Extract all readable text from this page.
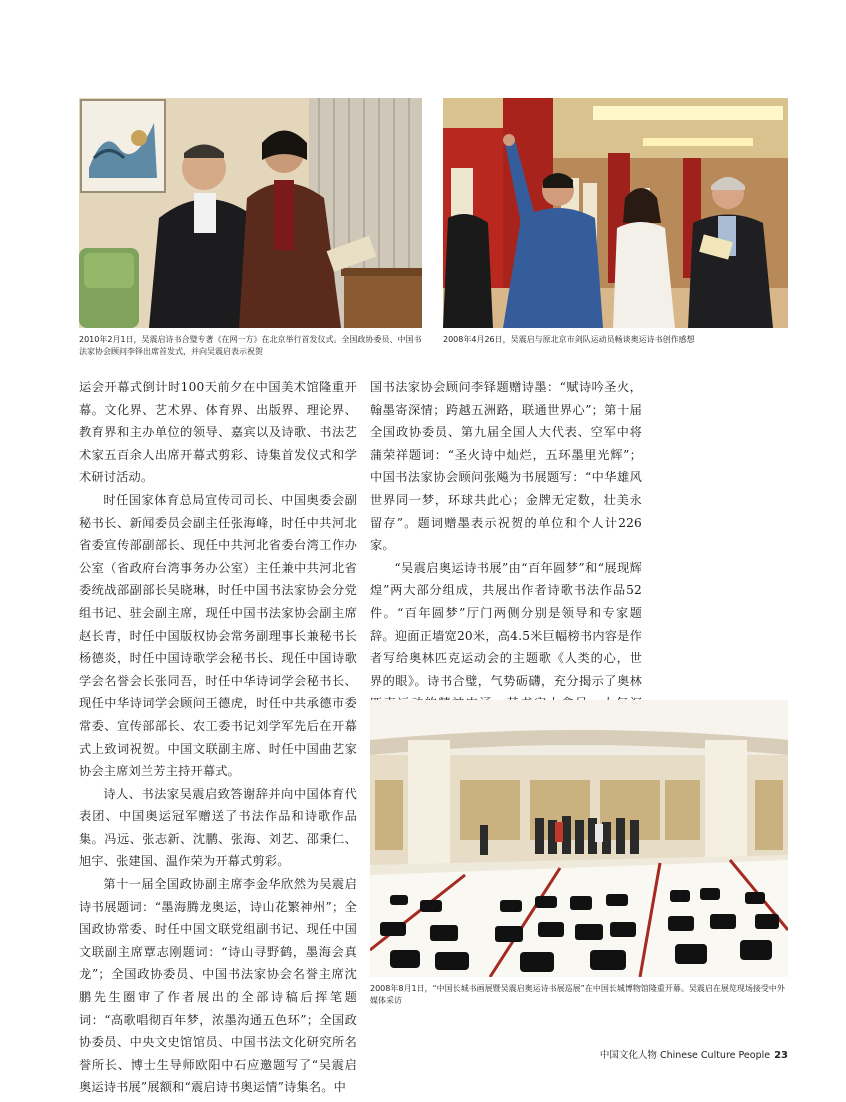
2010年2月1日，吴震启诗书合璧专著《在网一方》在北京举行首发仪式。全国政协委员、中国书法家协会顾问李铎出席首发式，并向吴震启表示祝贺
2008年4月26日，吴震启与原北京市剑队运动员畅谈奥运诗书创作感想

运会开幕式倒计时100天前夕在中国美术馆隆重开幕。文化界、艺术界、体育界、出版界、理论界、教育界和主办单位的领导、嘉宾以及诗歌、书法艺术家五百余人出席开幕式剪彩、诗集首发仪式和学术研讨活动。

时任国家体育总局宣传司司长、中国奥委会副秘书长、新闻委员会副主任张海峰，时任中共河北省委宣传部副部长、现任中共河北省委台湾工作办公室（省政府台湾事务办公室）主任兼中共河北省委统战部副部长吴晓琳，时任中国书法家协会分党组书记、驻会副主席，现任中国书法家协会副主席赵长青，时任中国版权协会常务副理事长兼秘书长杨德炎，时任中国诗歌学会秘书长、现任中国诗歌学会名誉会长张同吾，时任中华诗词学会秘书长、现任中华诗词学会顾问王德虎，时任中共承德市委常委、宣传部部长、农工委书记刘学军先后在开幕式上致词祝贺。中国文联副主席、时任中国曲艺家协会主席刘兰芳主持开幕式。

诗人、书法家吴震启致答谢辞并向中国体育代表团、中国奥运冠军赠送了书法作品和诗歌作品集。冯远、张志新、沈鹏、张海、刘艺、邵秉仁、旭宇、张建国、温作荣为开幕式剪彩。

第十一届全国政协副主席李金华欣然为吴震启诗书展题词：“墨海腾龙奥运，诗山花繁神州”；全国政协常委、时任中国文联党组副书记、现任中国文联副主席覃志刚题词：“诗山寻野鹤，墨海会真龙”；全国政协委员、中国书法家协会名誉主席沈鹏先生圈审了作者展出的全部诗稿后挥笔题词：“高歌唱彻百年梦，浓墨沟通五色环”；全国政协委员、中央文史馆馆员、中国书法文化研究所名誉所长、博士生导师欧阳中石应邀题写了“吴震启奥运诗书展”展额和“震启诗书奥运情”诗集名。中

国书法家协会顾问李铎题赠诗墨：“赋诗吟圣火，翰墨寄深情；跨越五洲路，联通世界心”；第十届全国政协委员、第九届全国人大代表、空军中将蒲荣祥题词：“圣火诗中灿烂，五环墨里光辉”；中国书法家协会顾问张飚为书展题写：“中华雄风 世界同一梦，环球共此心；金牌无定数，壮美永留存”。题词赠墨表示祝贺的单位和个人计226家。

“吴震启奥运诗书展”由“百年圆梦”和“展现辉煌”两大部分组成，共展出作者诗歌书法作品52件。“百年圆梦”厅门两侧分别是领导和专家题辞。迎面正墙宽20米，高4.5米巨幅榜书内容是作者写给奥林匹克运动会的主题歌《人类的心，世界的眼》。诗书合璧，气势砺礴，充分揭示了奥林

2008年8月1日，“中国长城书画展暨吴震启奥运诗书展巡展”在中国长城博物馆隆重开幕。吴震启在展览现场接受中外媒体采访
中国文化人物 Chinese Culture People 23
